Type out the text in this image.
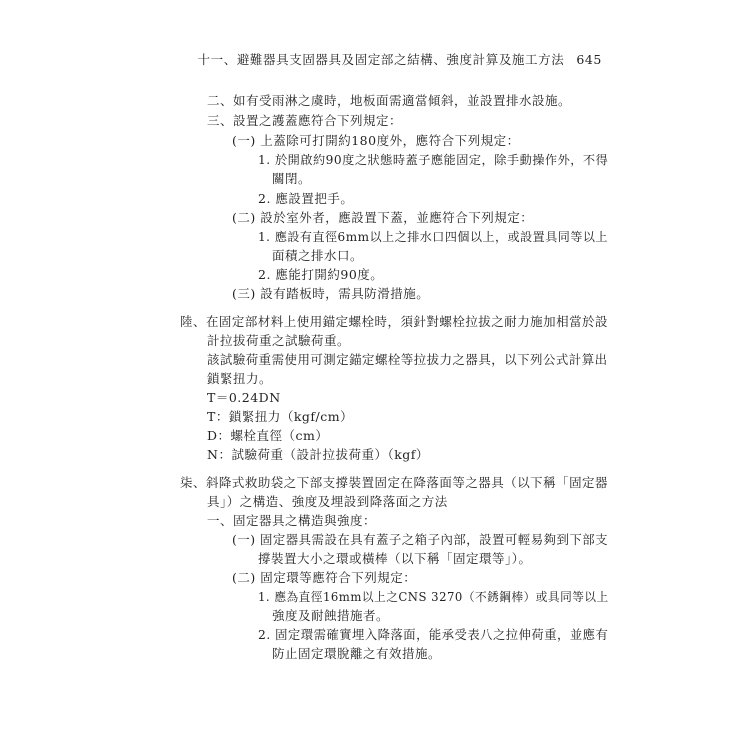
十一、避難器具支固器具及固定部之結構、強度計算及施工方法 645
二、如有受雨淋之虞時，地板面需適當傾斜，並設置排水設施。
三、設置之護蓋應符合下列規定：
(一) 上蓋除可打開約180度外，應符合下列規定：
1. 於開啟約90度之狀態時蓋子應能固定，除手動操作外，不得
關閉。
2. 應設置把手。
(二) 設於室外者，應設置下蓋，並應符合下列規定：
1. 應設有直徑6mm以上之排水口四個以上，或設置具同等以上
面積之排水口。
2. 應能打開約90度。
(三) 設有踏板時，需具防滑措施。
陸、在固定部材料上使用錨定螺栓時，須針對螺栓拉拔之耐力施加相當於設
計拉拔荷重之試驗荷重。
該試驗荷重需使用可測定錨定螺栓等拉拔力之器具，以下列公式計算出
鎖緊扭力。
T＝0.24DN
T：鎖緊扭力（kgf/cm）
D：螺栓直徑（cm）
N：試驗荷重（設計拉拔荷重）（kgf）
柒、斜降式救助袋之下部支撐裝置固定在降落面等之器具（以下稱「固定器
具」）之構造、強度及埋設到降落面之方法
一、固定器具之構造與強度：
(一) 固定器具需設在具有蓋子之箱子內部，設置可輕易夠到下部支
撐裝置大小之環或橫棒（以下稱「固定環等」）。
(二) 固定環等應符合下列規定：
1. 應為直徑16mm以上之CNS 3270（不銹鋼棒）或具同等以上
強度及耐蝕措施者。
2. 固定環需確實埋入降落面，能承受表八之拉伸荷重，並應有
防止固定環脫離之有效措施。
